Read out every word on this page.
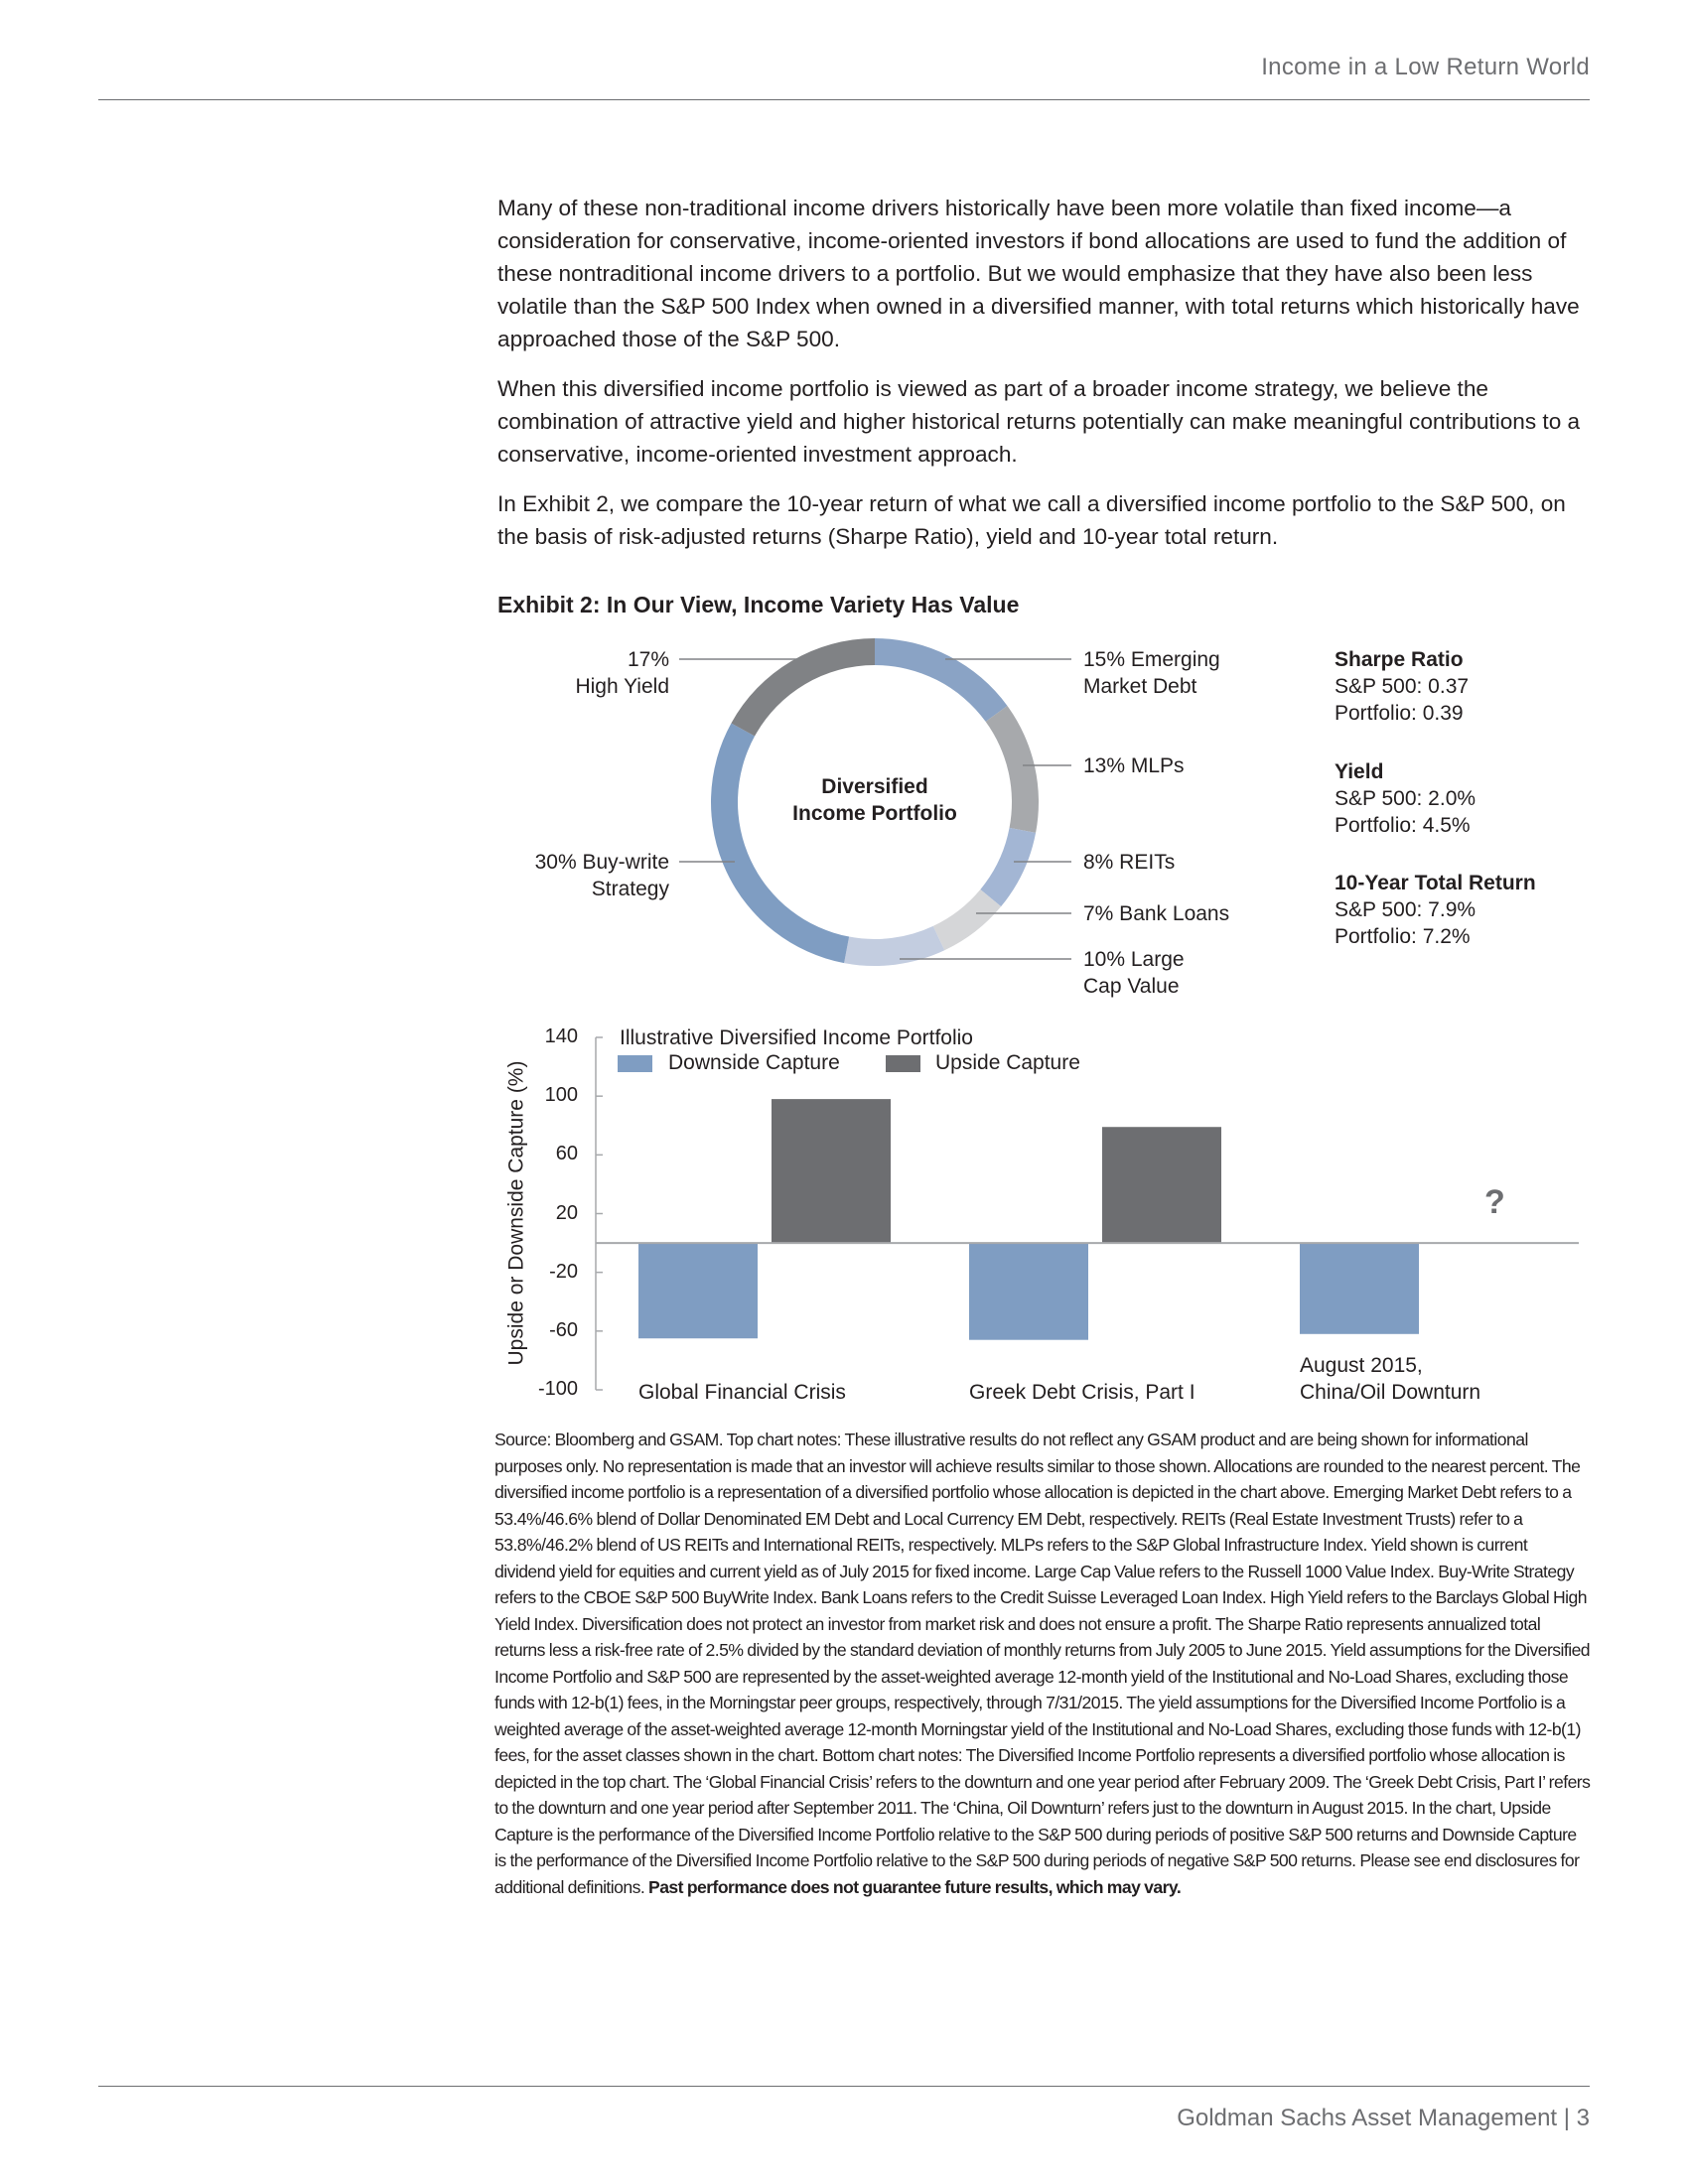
Income in a Low Return World

Many of these non-traditional income drivers historically have been more volatile than fixed income—a consideration for conservative, income-oriented investors if bond allocations are used to fund the addition of these nontraditional income drivers to a portfolio. But we would emphasize that they have also been less volatile than the S&P 500 Index when owned in a diversified manner, with total returns which historically have approached those of the S&P 500.

When this diversified income portfolio is viewed as part of a broader income strategy, we believe the combination of attractive yield and higher historical returns potentially can make meaningful contributions to a conservative, income-oriented investment approach.

In Exhibit 2, we compare the 10-year return of what we call a diversified income portfolio to the S&P 500, on the basis of risk-adjusted returns (Sharpe Ratio), yield and 10-year total return.

Exhibit 2: In Our View, Income Variety Has Value
17%
High Yield
30% Buy-write
Strategy
15% Emerging
Market Debt
13% MLPs
8% REITs
7% Bank Loans
10% Large
Cap Value
Diversified
Income Portfolio
Sharpe Ratio
S&P 500: 0.37
Portfolio: 0.39
Yield
S&P 500: 2.0%
Portfolio: 4.5%
10-Year Total Return
S&P 500: 7.9%
Portfolio: 7.2%
Illustrative Diversified Income Portfolio
Downside Capture	Upside Capture
Upside or Downside Capture (%)
140
100
60
20
-20
-60
-100	Global Financial Crisis	Greek Debt Crisis, Part I
August 2015,
China/Oil Downturn
?
Source: Bloomberg and GSAM. Top chart notes: These illustrative results do not reflect any GSAM product and are being shown for informational purposes only. No representation is made that an investor will achieve results similar to those shown. Allocations are rounded to the nearest percent. The diversified income portfolio is a representation of a diversified portfolio whose allocation is depicted in the chart above. Emerging Market Debt refers to a 53.4%/46.6% blend of Dollar Denominated EM Debt and Local Currency EM Debt, respectively. REITs (Real Estate Investment Trusts) refer to a 53.8%/46.2% blend of US REITs and International REITs, respectively. MLPs refers to the S&P Global Infrastructure Index. Yield shown is current dividend yield for equities and current yield as of July 2015 for fixed income. Large Cap Value refers to the Russell 1000 Value Index. Buy-Write Strategy refers to the CBOE S&P 500 BuyWrite Index. Bank Loans refers to the Credit Suisse Leveraged Loan Index. High Yield refers to the Barclays Global High Yield Index. Diversification does not protect an investor from market risk and does not ensure a profit. The Sharpe Ratio represents annualized total returns less a risk-free rate of 2.5% divided by the standard deviation of monthly returns from July 2005 to June 2015. Yield assumptions for the Diversified Income Portfolio and S&P 500 are represented by the asset-weighted average 12-month yield of the Institutional and No-Load Shares, excluding those funds with 12-b(1) fees, in the Morningstar peer groups, respectively, through 7/31/2015. The yield assumptions for the Diversified Income Portfolio is a weighted average of the asset-weighted average 12-month Morningstar yield of the Institutional and No-Load Shares, excluding those funds with 12-b(1) fees, for the asset classes shown in the chart. Bottom chart notes: The Diversified Income Portfolio represents a diversified portfolio whose allocation is depicted in the top chart. The ‘Global Financial Crisis’ refers to the downturn and one year period after February 2009. The ‘Greek Debt Crisis, Part I’ refers to the downturn and one year period after September 2011. The ‘China, Oil Downturn’ refers just to the downturn in August 2015. In the chart, Upside Capture is the performance of the Diversified Income Portfolio relative to the S&P 500 during periods of positive S&P 500 returns and Downside Capture is the performance of the Diversified Income Portfolio relative to the S&P 500 during periods of negative S&P 500 returns. Please see end disclosures for additional definitions. Past performance does not guarantee future results, which may vary.
Goldman Sachs Asset Management | 3
